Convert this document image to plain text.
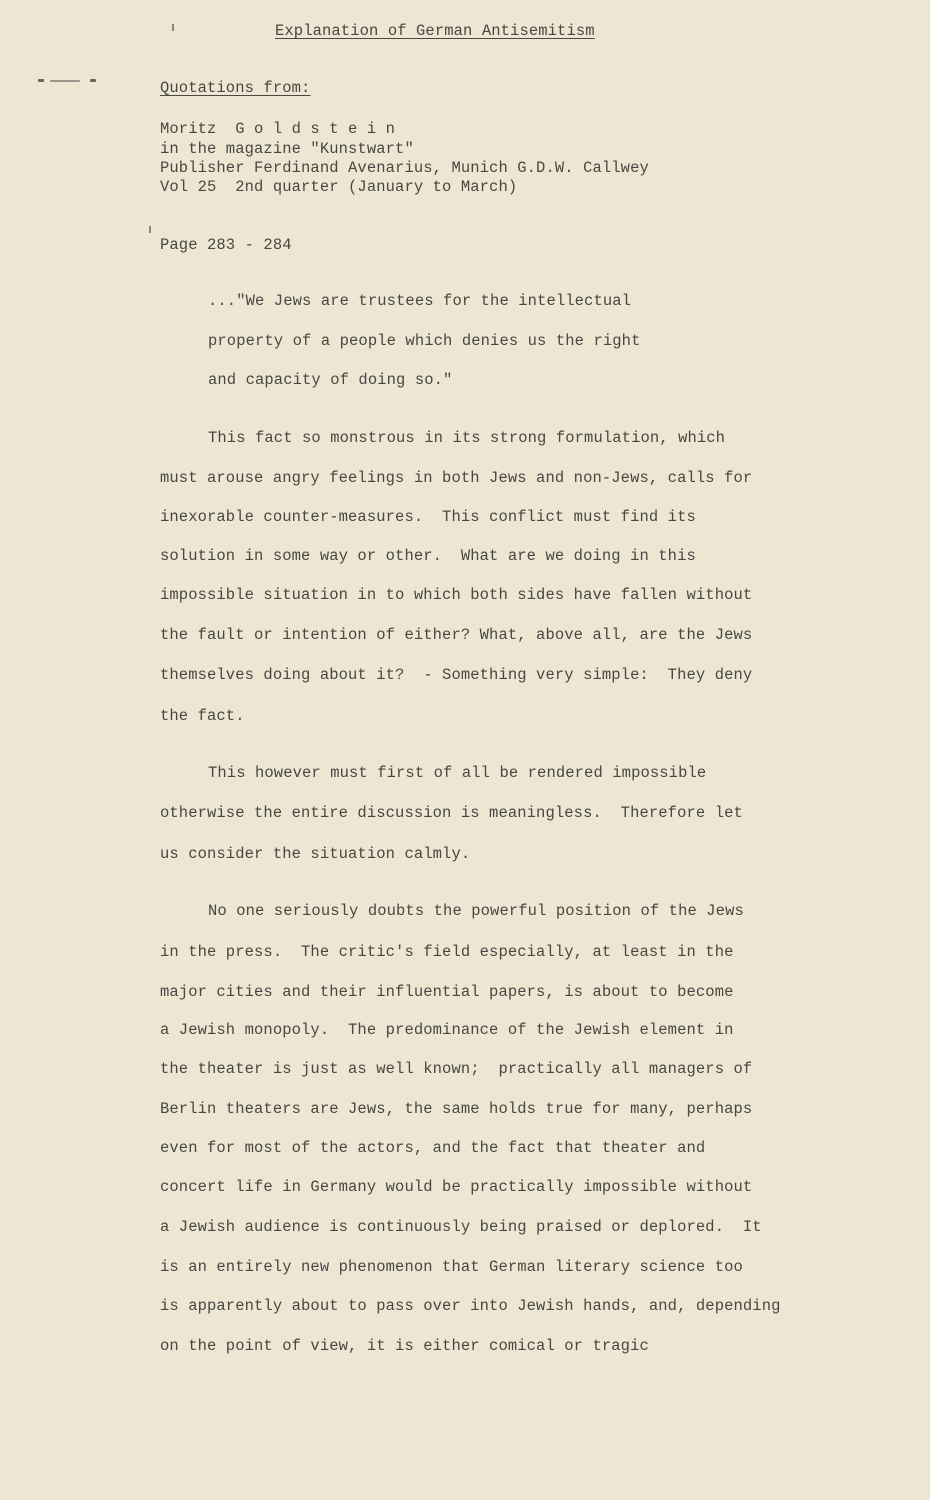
Explanation of German Antisemitism
Quotations from:
Moritz  G o l d s t e i n
in the magazine "Kunstwart"
Publisher Ferdinand Avenarius, Munich G.D.W. Callwey
Vol 25  2nd quarter (January to March)
Page 283 - 284
..."We Jews are trustees for the intellectual
property of a people which denies us the right
and capacity of doing so."
This fact so monstrous in its strong formulation, which
must arouse angry feelings in both Jews and non-Jews, calls for
inexorable counter-measures.  This conflict must find its
solution in some way or other.  What are we doing in this
impossible situation in to which both sides have fallen without
the fault or intention of either? What, above all, are the Jews
themselves doing about it?  - Something very simple:  They deny
the fact.
This however must first of all be rendered impossible
otherwise the entire discussion is meaningless.  Therefore let
us consider the situation calmly.
No one seriously doubts the powerful position of the Jews
in the press.  The critic's field especially, at least in the
major cities and their influential papers, is about to become
a Jewish monopoly.  The predominance of the Jewish element in
the theater is just as well known;  practically all managers of
Berlin theaters are Jews, the same holds true for many, perhaps
even for most of the actors, and the fact that theater and
concert life in Germany would be practically impossible without
a Jewish audience is continuously being praised or deplored.  It
is an entirely new phenomenon that German literary science too
is apparently about to pass over into Jewish hands, and, depending
on the point of view, it is either comical or tragic
